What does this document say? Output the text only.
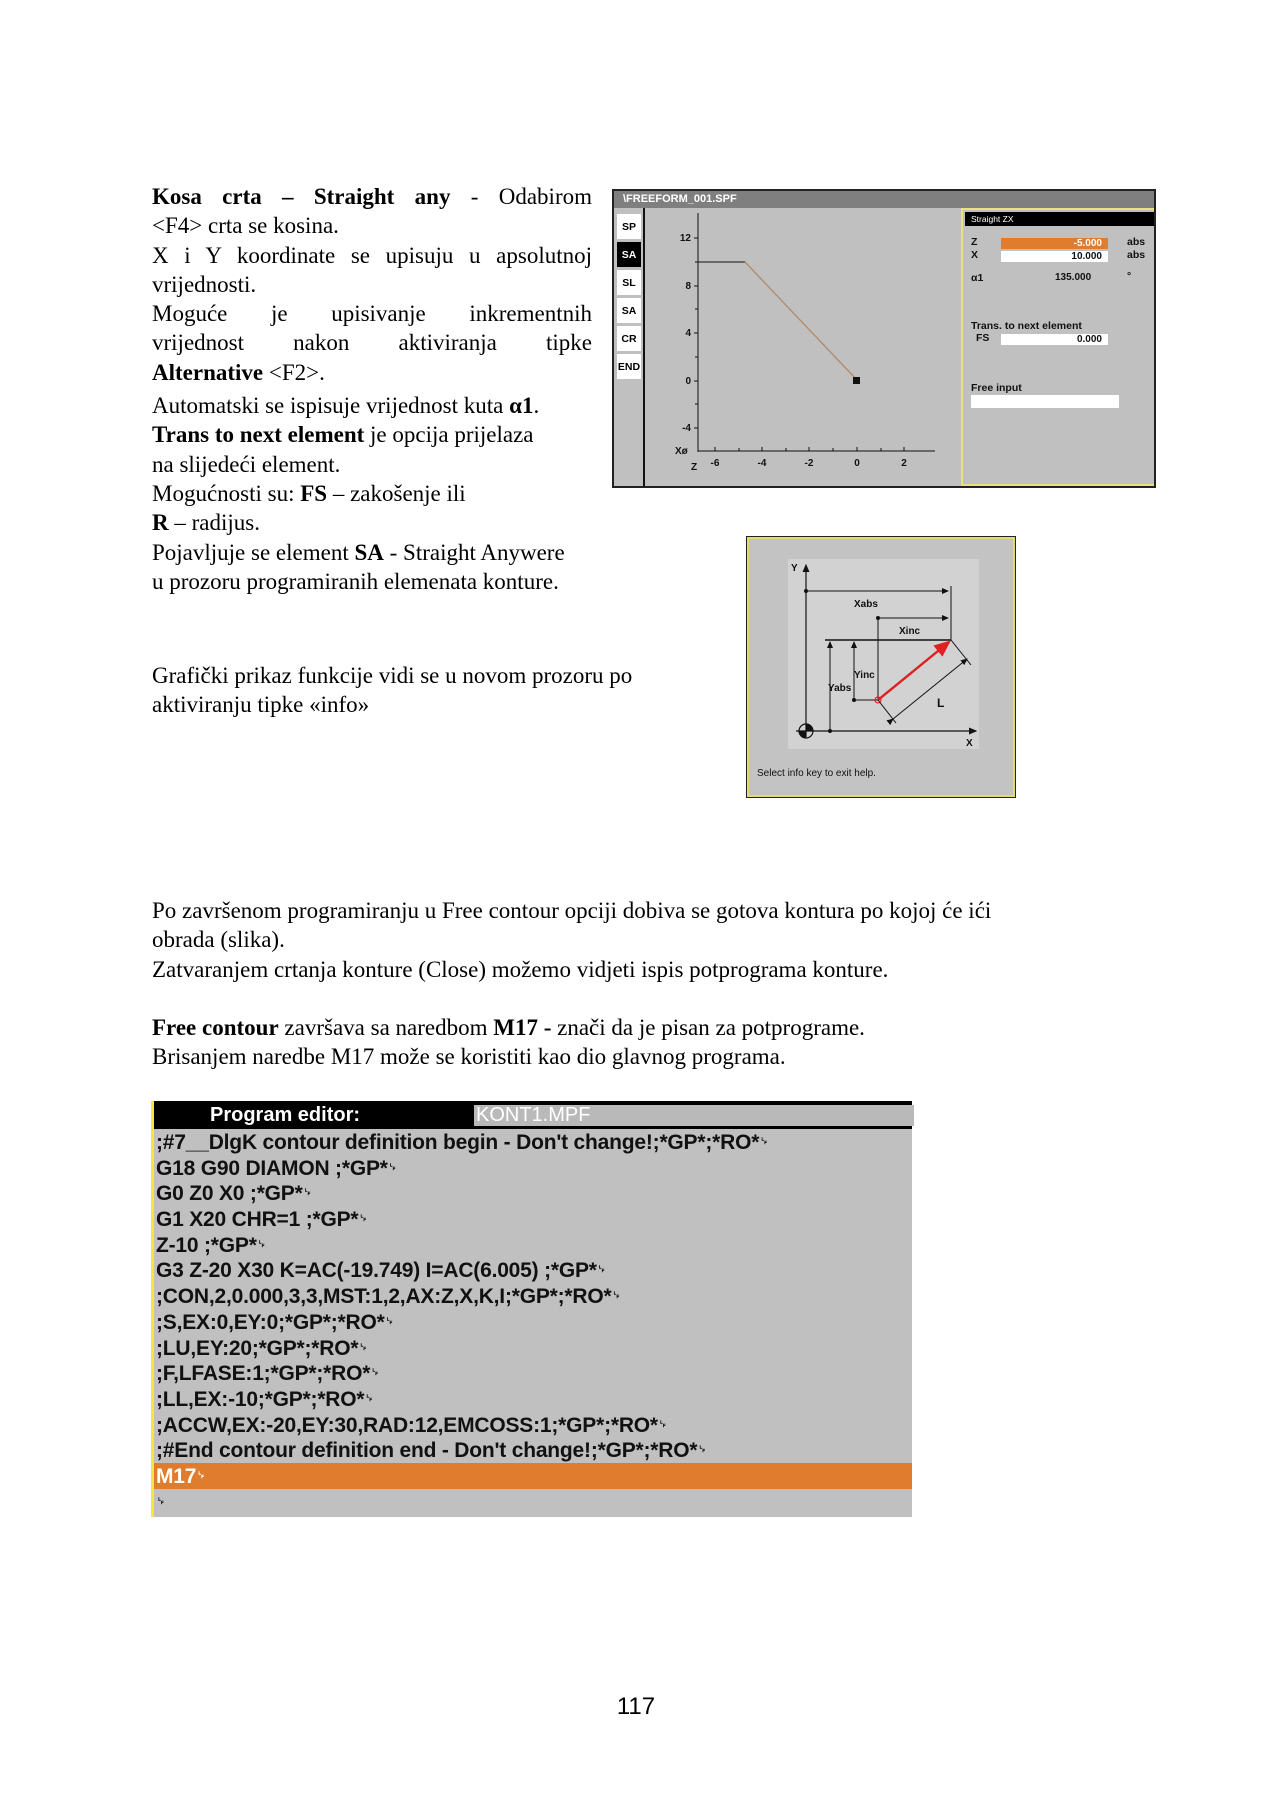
Kosa crta – Straight any - Odabirom

<F4> crta se kosina.

X i Y koordinate se upisuju u apsolutnoj

vrijednosti.

Moguće je upisivanje inkrementnih

vrijednost nakon aktiviranja tipke

Alternative <F2>.

Automatski se ispisuje vrijednost kuta α1.

Trans to next element je opcija prijelaza

na slijedeći element.

Mogućnosti su: FS – zakošenje ili

R – radijus.

Pojavljuje se element SA - Straight Anywere

u prozoru programiranih elemenata konture.

Grafički prikaz funkcije vidi se u novom prozoru po

aktiviranju tipke «info»

\FREEFORM_001.SPF
SP
SA
SL
SA
CR
END
12
8
4
0
-4
-6	-4	-2	0	2
Xø
Z
Straight ZX
Z	-5.000	abs
X	10.000	abs
α1	135.000	°
Trans. to next element
FS	0.000
Free input
Y
X
Xabs
Xinc
Yabs
Yinc
L
Select info key to exit help.

Po završenom programiranju u Free contour opciji dobiva se gotova kontura po kojoj će ići

obrada (slika).

Zatvaranjem crtanja konture (Close) možemo vidjeti ispis potprograma konture.

Free contour završava sa naredbom M17 - znači da je pisan za potprograme.

Brisanjem naredbe M17 može se koristiti kao dio glavnog programa.

Program editor:	KONT1.MPF
;#7__DlgK contour definition begin - Don't change!;*GP*;*RO*␊
G18 G90 DIAMON ;*GP*␊
G0 Z0 X0 ;*GP*␊
G1 X20 CHR=1 ;*GP*␊
Z-10 ;*GP*␊
G3 Z-20 X30 K=AC(-19.749) I=AC(6.005) ;*GP*␊
;CON,2,0.000,3,3,MST:1,2,AX:Z,X,K,I;*GP*;*RO*␊
;S,EX:0,EY:0;*GP*;*RO*␊
;LU,EY:20;*GP*;*RO*␊
;F,LFASE:1;*GP*;*RO*␊
;LL,EX:-10;*GP*;*RO*␊
;ACCW,EX:-20,EY:30,RAD:12,EMCOSS:1;*GP*;*RO*␊
;#End contour definition end - Don't change!;*GP*;*RO*␊
M17␊
␊
117
